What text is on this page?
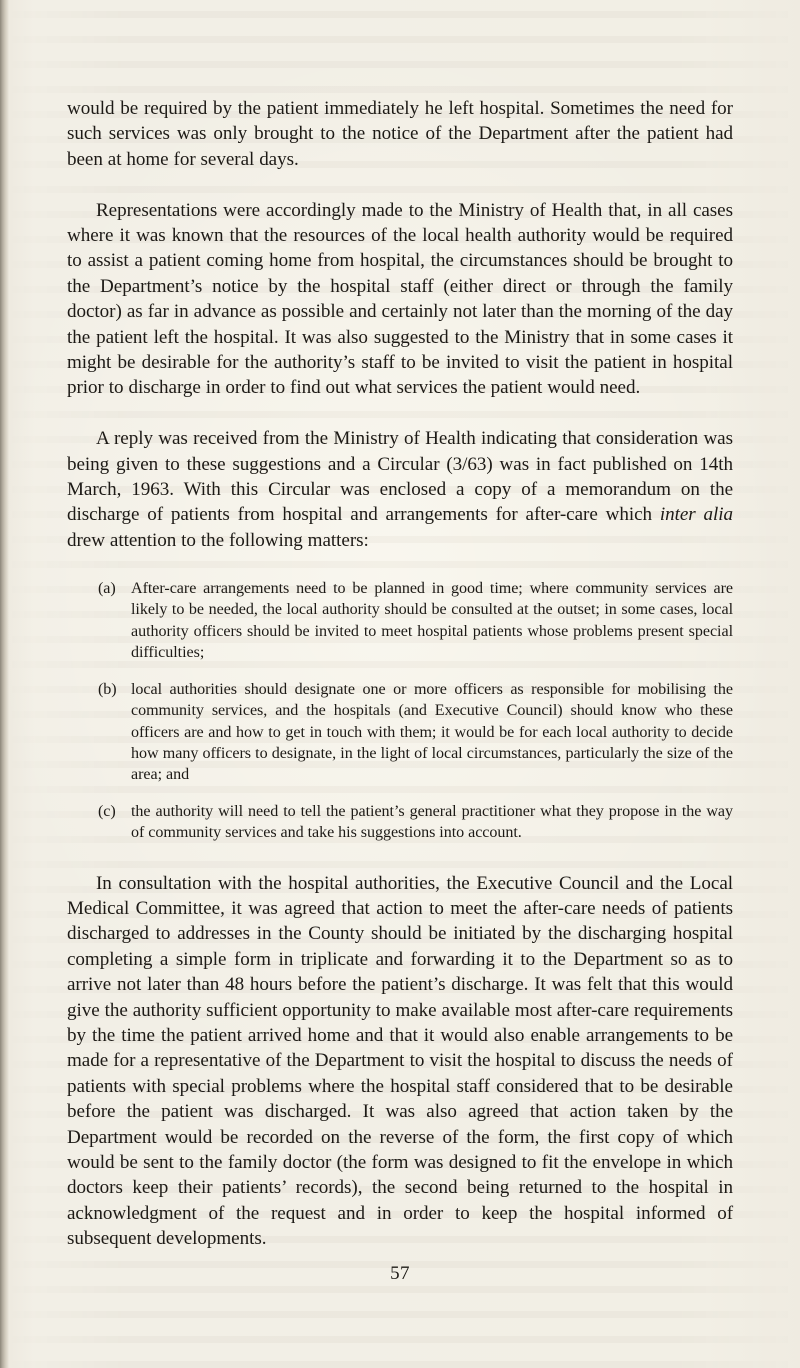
would be required by the patient immediately he left hospital. Sometimes the need for such services was only brought to the notice of the Department after the patient had been at home for several days.

Representations were accordingly made to the Ministry of Health that, in all cases where it was known that the resources of the local health authority would be required to assist a patient coming home from hospital, the circumstances should be brought to the Department’s notice by the hospital staff (either direct or through the family doctor) as far in advance as possible and certainly not later than the morning of the day the patient left the hospital. It was also suggested to the Ministry that in some cases it might be desirable for the authority’s staff to be invited to visit the patient in hospital prior to discharge in order to find out what services the patient would need.

A reply was received from the Ministry of Health indicating that consideration was being given to these suggestions and a Circular (3/63) was in fact published on 14th March, 1963. With this Circular was enclosed a copy of a memorandum on the discharge of patients from hospital and arrangements for after-care which inter alia drew attention to the following matters:

(a) After-care arrangements need to be planned in good time; where community services are likely to be needed, the local authority should be consulted at the outset; in some cases, local authority officers should be invited to meet hospital patients whose problems present special difficulties;
(b) local authorities should designate one or more officers as responsible for mobilising the community services, and the hospitals (and Executive Council) should know who these officers are and how to get in touch with them; it would be for each local authority to decide how many officers to designate, in the light of local circumstances, particularly the size of the area; and
(c) the authority will need to tell the patient’s general practitioner what they propose in the way of community services and take his suggestions into account.

In consultation with the hospital authorities, the Executive Council and the Local Medical Committee, it was agreed that action to meet the after-care needs of patients discharged to addresses in the County should be initiated by the discharging hospital completing a simple form in triplicate and forwarding it to the Department so as to arrive not later than 48 hours before the patient’s discharge. It was felt that this would give the authority sufficient opportunity to make available most after-care requirements by the time the patient arrived home and that it would also enable arrangements to be made for a representative of the Department to visit the hospital to discuss the needs of patients with special problems where the hospital staff considered that to be desirable before the patient was discharged. It was also agreed that action taken by the Department would be recorded on the reverse of the form, the first copy of which would be sent to the family doctor (the form was designed to fit the envelope in which doctors keep their patients’ records), the second being returned to the hospital in acknowledgment of the request and in order to keep the hospital informed of subsequent developments.

57
